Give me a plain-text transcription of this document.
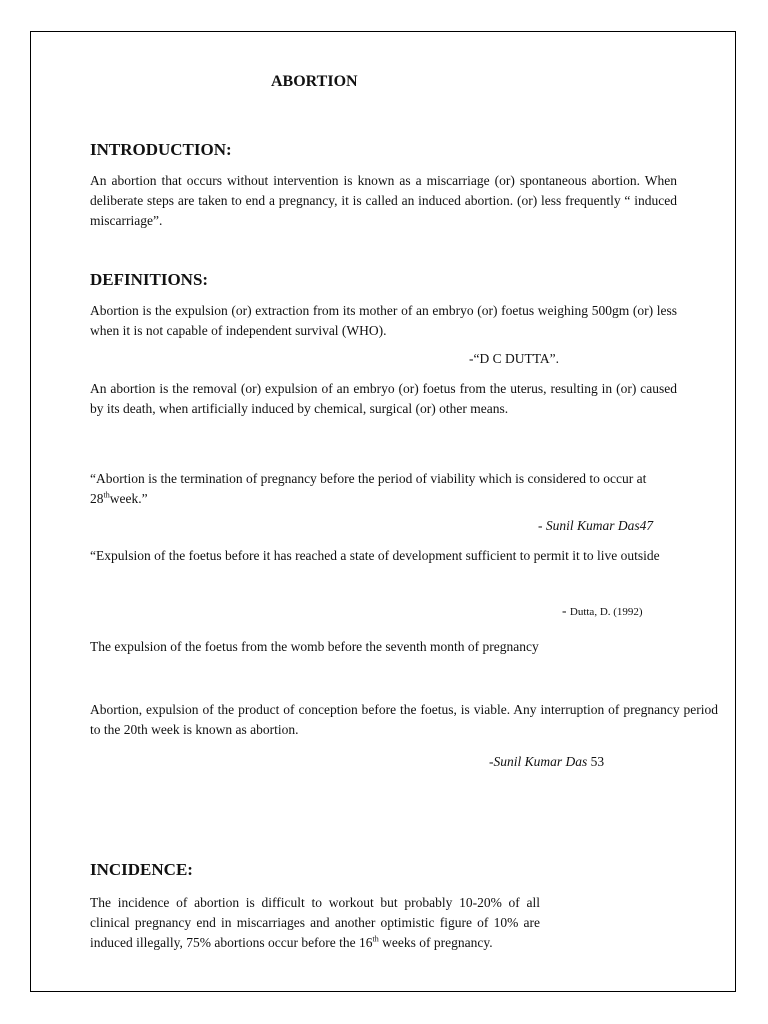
ABORTION
INTRODUCTION:

An abortion that occurs without intervention is known as a miscarriage (or) spontaneous abortion. When deliberate steps are taken to end a pregnancy, it is called an induced abortion. (or) less frequently “ induced miscarriage”.

DEFINITIONS:

Abortion is the expulsion (or) extraction from its mother of an embryo (or) foetus weighing 500gm (or) less when it is not capable of independent survival (WHO).

-“D C DUTTA”.

An abortion is the removal (or) expulsion of an embryo (or) foetus from the uterus, resulting in (or) caused by its death, when artificially induced by chemical, surgical (or) other means.

“Abortion is the termination of pregnancy before the period of viability which is considered to occur at 28thweek.”

- Sunil Kumar Das47

“Expulsion of the foetus before it has reached a state of development sufficient to permit it to live outside

- Dutta, D. (1992)

The expulsion of the foetus from the womb before the seventh month of pregnancy

Abortion, expulsion of the product of conception before the foetus, is viable. Any interruption of pregnancy period to the 20th week is known as abortion.

-Sunil Kumar Das 53
INCIDENCE:

The incidence of abortion is difficult to workout but probably 10-20% of all clinical pregnancy end in miscarriages and another optimistic figure of 10% are induced illegally, 75% abortions occur before the 16th weeks of pregnancy.
